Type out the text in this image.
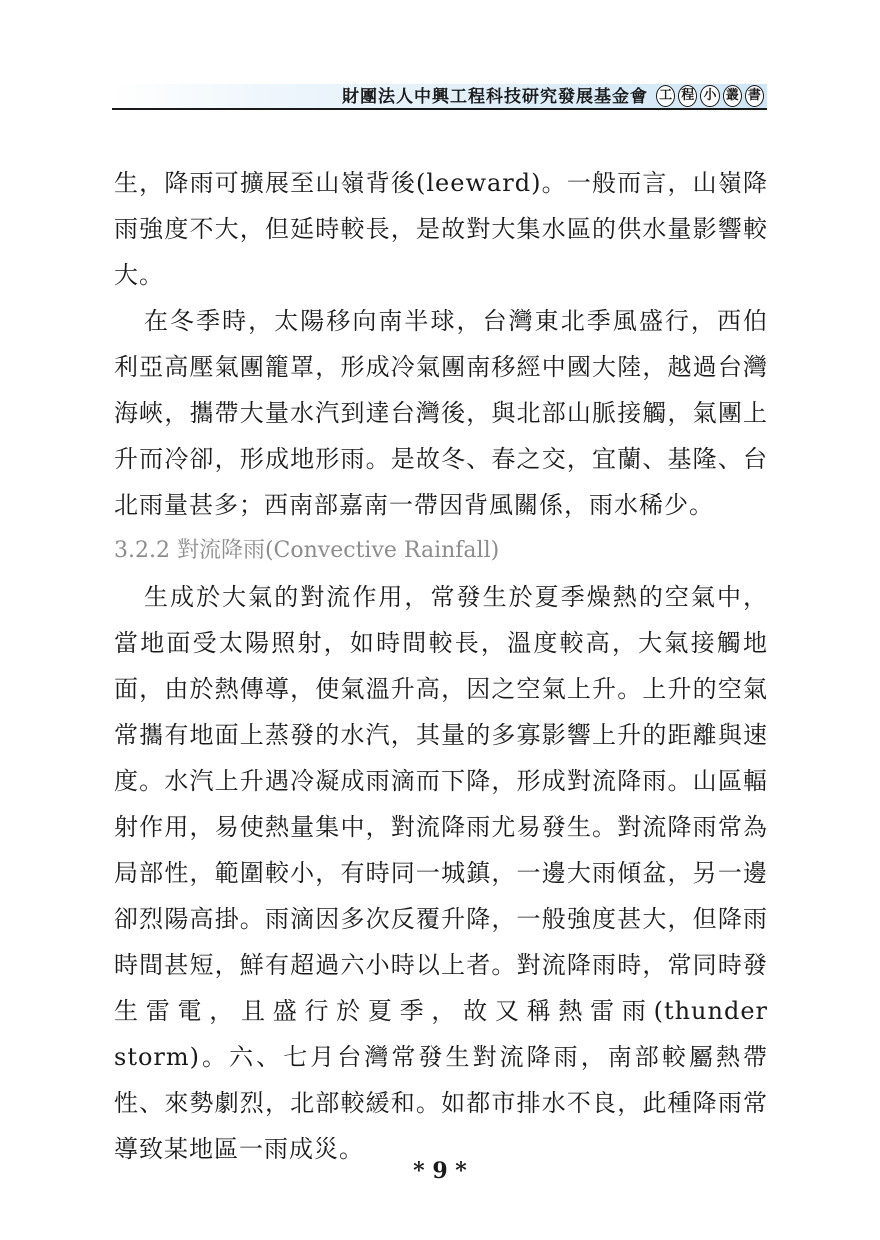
財團法人中興工程科技研究發展基金會 工 程 小 叢 書

生，降雨可擴展至山嶺背後(leeward)。一般而言，山嶺降雨強度不大，但延時較長，是故對大集水區的供水量影響較大。

在冬季時，太陽移向南半球，台灣東北季風盛行，西伯利亞高壓氣團籠罩，形成冷氣團南移經中國大陸，越過台灣海峽，攜帶大量水汽到達台灣後，與北部山脈接觸，氣團上升而冷卻，形成地形雨。是故冬、春之交，宜蘭、基隆、台北雨量甚多；西南部嘉南一帶因背風關係，雨水稀少。

3.2.2 對流降雨(Convective Rainfall)

生成於大氣的對流作用，常發生於夏季燥熱的空氣中，當地面受太陽照射，如時間較長，溫度較高，大氣接觸地面，由於熱傳導，使氣溫升高，因之空氣上升。上升的空氣常攜有地面上蒸發的水汽，其量的多寡影響上升的距離與速度。水汽上升遇冷凝成雨滴而下降，形成對流降雨。山區輻射作用，易使熱量集中，對流降雨尤易發生。對流降雨常為局部性，範圍較小，有時同一城鎮，一邊大雨傾盆，另一邊卻烈陽高掛。雨滴因多次反覆升降，一般強度甚大，但降雨時間甚短，鮮有超過六小時以上者。對流降雨時，常同時發生雷電，且盛行於夏季，故又稱熱雷雨(thunder storm)。六、七月台灣常發生對流降雨，南部較屬熱帶性、來勢劇烈，北部較緩和。如都市排水不良，此種降雨常導致某地區一雨成災。

* 9 *
